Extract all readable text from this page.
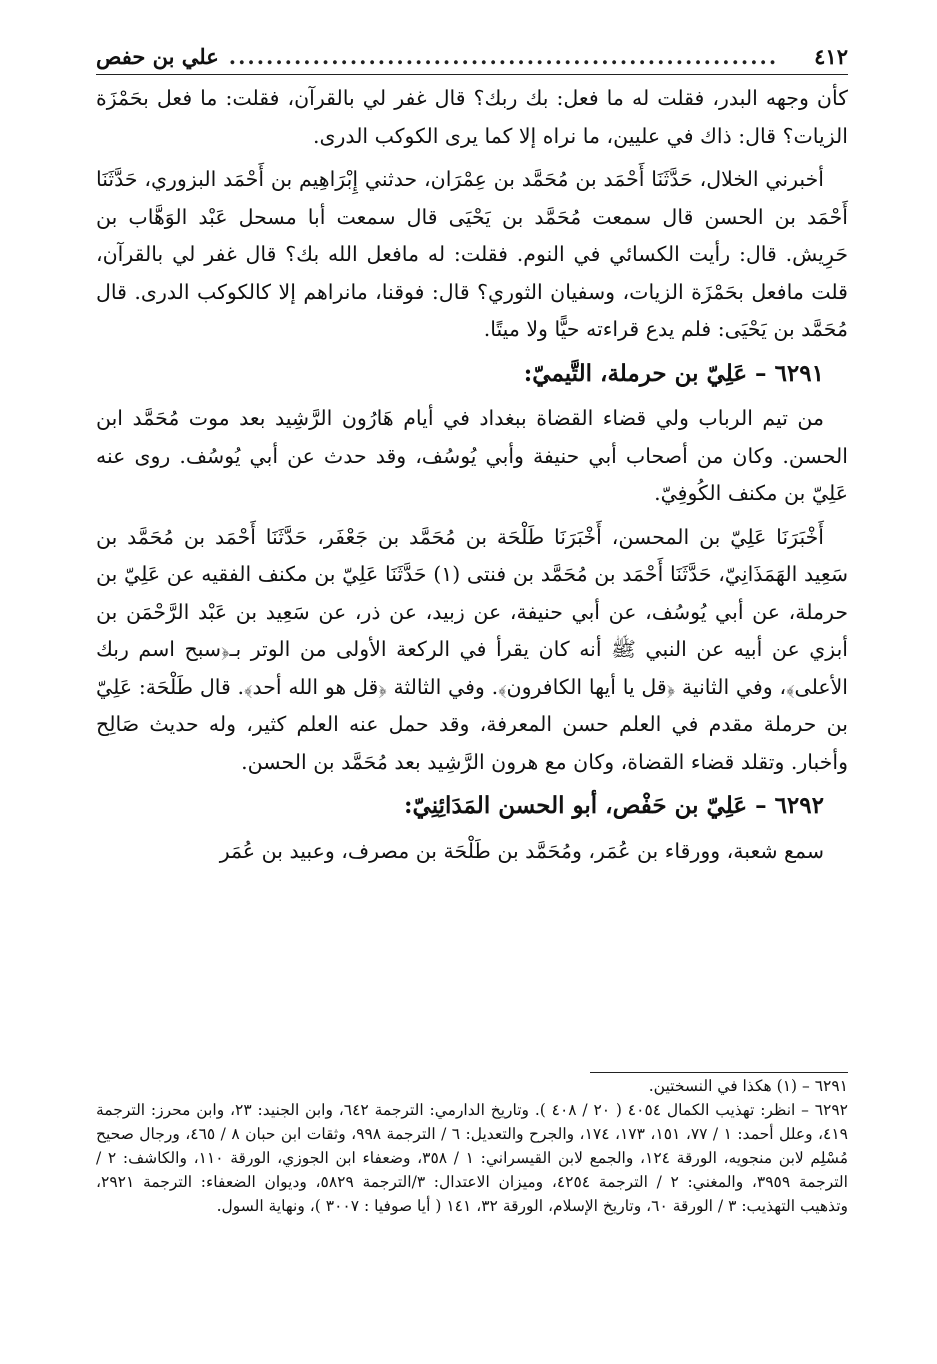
٤١٢
...........................................................
علي بن حفص

كأن وجهه البدر، فقلت له ما فعل: بك ربك؟ قال غفر لي بالقرآن، فقلت: ما فعل بحَمْزَة الزيات؟ قال: ذاك في عليين، ما نراه إلا كما يرى الكوكب الدرى.

أخبرني الخلال، حَدَّثَنَا أَحْمَد بن مُحَمَّد بن عِمْرَان، حدثني إِبْرَاهِيم بن أَحْمَد البزوري، حَدَّثَنَا أَحْمَد بن الحسن قال سمعت مُحَمَّد بن يَحْيَى قال سمعت أبا مسحل عَبْد الوَهَّاب بن حَرِيش. قال: رأيت الكسائي في النوم. فقلت: له مافعل الله بك؟ قال غفر لي بالقرآن، قلت مافعل بحَمْزَة الزيات، وسفيان الثوري؟ قال: فوقنا، مانراهم إلا كالكوكب الدرى. قال مُحَمَّد بن يَحْيَى: فلم يدع قراءته حيًّا ولا ميتًا.

٦٢٩١ – عَلِيّ بن حرملة، التَّيميّ:

من تيم الرباب ولي قضاء القضاة ببغداد في أيام هَارُون الرَّشِيد بعد موت مُحَمَّد ابن الحسن. وكان من أصحاب أبي حنيفة وأبي يُوسُف، وقد حدث عن أبي يُوسُف. روى عنه عَلِيّ بن مكنف الكُوفِيّ.

أَخْبَرَنَا عَلِيّ بن المحسن، أَخْبَرَنَا طَلْحَة بن مُحَمَّد بن جَعْفَر، حَدَّثَنَا أَحْمَد بن مُحَمَّد بن سَعِيد الهَمَذَانِيّ، حَدَّثَنَا أَحْمَد بن مُحَمَّد بن فنتى (١) حَدَّثَنَا عَلِيّ بن مكنف الفقيه عن عَلِيّ بن حرملة، عن أبي يُوسُف، عن أبي حنيفة، عن زبيد، عن ذر، عن سَعِيد بن عَبْد الرَّحْمَن بن أبزي عن أبيه عن النبي ﷺ أنه كان يقرأ في الركعة الأولى من الوتر بـ﴿سبح اسم ربك الأعلى﴾، وفي الثانية ﴿قل يا أيها الكافرون﴾. وفي الثالثة ﴿قل هو الله أحد﴾. قال طَلْحَة: عَلِيّ بن حرملة مقدم في العلم حسن المعرفة، وقد حمل عنه العلم كثير، وله حديث صَالِح وأخبار. وتقلد قضاء القضاة، وكان مع هرون الرَّشِيد بعد مُحَمَّد بن الحسن.

٦٢٩٢ – عَلِيّ بن حَفْص، أبو الحسن المَدَائِنِيّ:

سمع شعبة، وورقاء بن عُمَر، ومُحَمَّد بن طَلْحَة بن مصرف، وعبيد بن عُمَر

٦٢٩١ – (١) هكذا في النسختين.

٦٢٩٢ – انظر: تهذيب الكمال ٤٠٥٤ ( ٢٠ / ٤٠٨ ). وتاريخ الدارمي: الترجمة ٦٤٢، وابن الجنيد: ٢٣، وابن محرز: الترجمة ٤١٩، وعلل أحمد: ١ / ٧٧، ١٥١، ١٧٣، ١٧٤، والجرح والتعديل: ٦ / الترجمة ٩٩٨، وثقات ابن حبان ٨ / ٤٦٥، ورجال صحيح مُسْلِم لابن منجويه، الورقة ١٢٤، والجمع لابن القيسراني: ١ / ٣٥٨، وضعفاء ابن الجوزي، الورقة ١١٠، والكاشف: ٢ / الترجمة ٣٩٥٩، والمغني: ٢ / الترجمة ٤٢٥٤، وميزان الاعتدال: ٣/الترجمة ٥٨٢٩، وديوان الضعفاء: الترجمة ٢٩٢١، وتذهيب التهذيب: ٣ / الورقة ٦٠، وتاريخ الإسلام، الورقة ٣٢، ١٤١ ( أيا صوفيا : ٣٠٠٧ )، ونهاية السول.
